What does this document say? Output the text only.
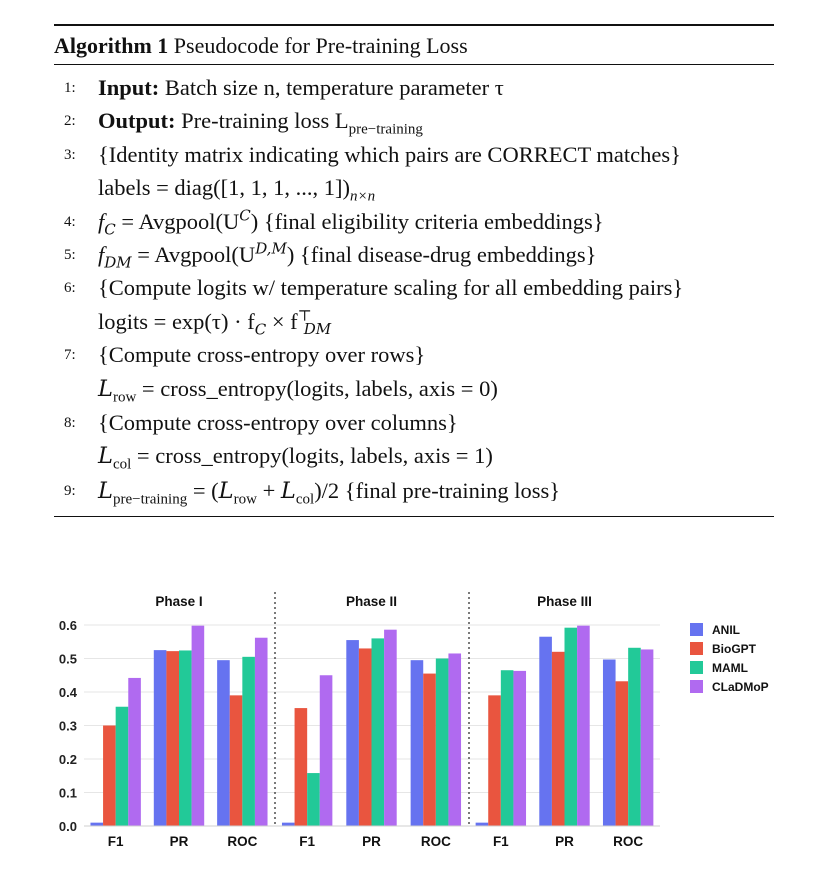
Algorithm 1 Pseudocode for Pre-training Loss
1: Input: Batch size n, temperature parameter τ
2: Output: Pre-training loss $L_{pre-training}$
3: {Identity matrix indicating which pairs are CORRECT matches}
labels = diag([1, 1, 1, ..., $1])_{n\times n}$
4: $f_C$ = $Avgpool(U^C)$ {final eligibility criteria embeddings}
5: $f_{DM}$ = $Avgpool(U^{D,M})$ {final disease-drug embeddings}
6: {Compute logits w/ temperature scaling for all embedding pairs}
logits = $\exp(\tau) \cdot f_C \times f^⊤_{DM}$
7: {Compute cross-entropy over rows}
$L_{row}$ = cross_entropy(logits, labels, axis = 0)
8: {Compute cross-entropy over columns}
$L_{col}$ = cross_entropy(logits, labels, axis = 1)
9: $L_{pre-training} = (L_{row} + L_{col})/2$ {final pre-training loss}
0.0
0.1
0.2
0.3
0.4
0.5
0.6
Phase I
F1	PR	ROC
Phase II
F1	PR	ROC
Phase III
F1	PR	ROC
ANIL
BioGPT
MAML
CLaDMoP
